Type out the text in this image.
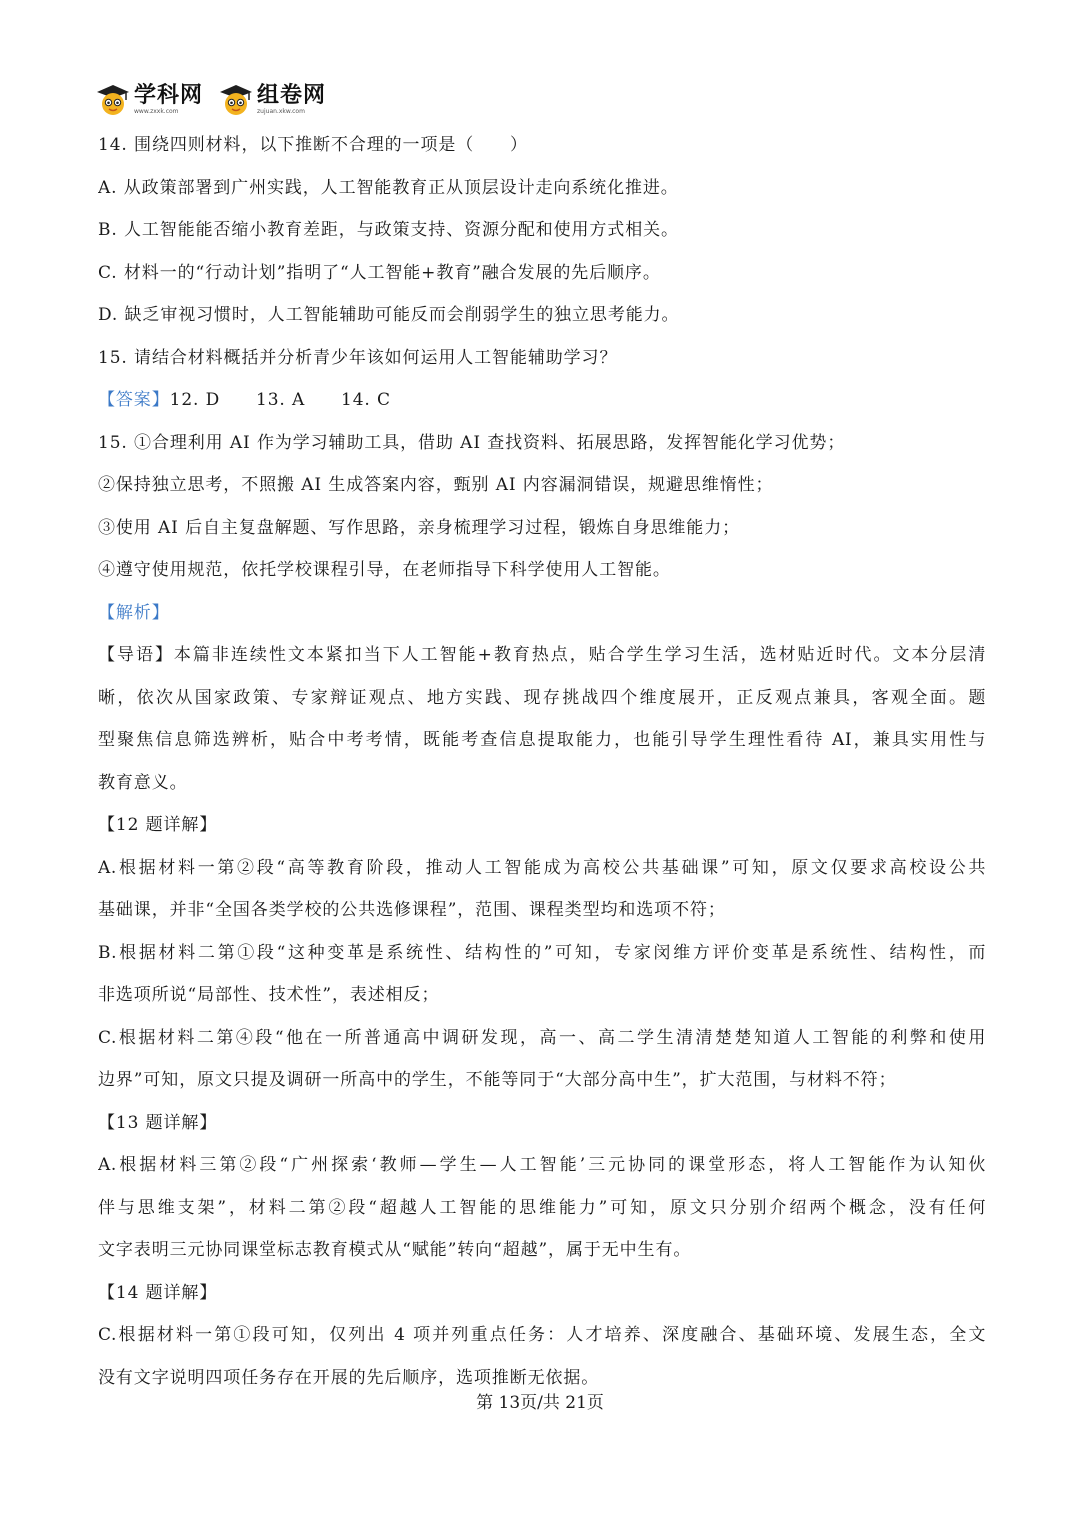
学科网
www.zxxk.com
组卷网
zujuan.xkw.com
14. 围绕四则材料，以下推断不合理 · · ·的一项是（　　）
A. 从政策部署到广州实践，人工智能教育正从顶层设计走向系统化推进。
B. 人工智能能否缩小教育差距，与政策支持、资源分配和使用方式相关。
C. 材料一的“行动计划”指明了“人工智能+教育”融合发展的先后顺序。
D. 缺乏审视习惯时，人工智能辅助可能反而会削弱学生的独立思考能力。
15. 请结合材料概括并分析青少年该如何运用人工智能辅助学习？
【答案】12. D　　13. A　　14. C
15. ①合理利用 AI 作为学习辅助工具，借助 AI 查找资料、拓展思路，发挥智能化学习优势；
②保持独立思考，不照搬 AI 生成答案内容，甄别 AI 内容漏洞错误，规避思维惰性；
③使用 AI 后自主复盘解题、写作思路，亲身梳理学习过程，锻炼自身思维能力；
④遵守使用规范，依托学校课程引导，在老师指导下科学使用人工智能。
【解析】
【导语】本篇非连续性文本紧扣当下人工智能+教育热点，贴合学生学习生活，选材贴近时代。文本分层清
晰，依次从国家政策、专家辩证观点、地方实践、现存挑战四个维度展开，正反观点兼具，客观全面。题
型聚焦信息筛选辨析，贴合中考考情，既能考查信息提取能力，也能引导学生理性看待 AI，兼具实用性与
教育意义。
【12 题详解】
A.根据材料一第②段“高等教育阶段，推动人工智能成为高校公共基础课”可知，原文仅要求高校设公共
基础课，并非“全国各类学校的公共选修课程”，范围、课程类型均和选项不符；
B.根据材料二第①段“这种变革是系统性、结构性的”可知，专家闵维方评价变革是系统性、结构性，而
非选项所说“局部性、技术性”，表述相反；
C.根据材料二第④段“他在一所普通高中调研发现，高一、高二学生清清楚楚知道人工智能的利弊和使用
边界”可知，原文只提及调研一所高中的学生，不能等同于“大部分高中生”，扩大范围，与材料不符；
【13 题详解】
A.根据材料三第②段“广州探索‘教师—学生—人工智能’三元协同的课堂形态，将人工智能作为认知伙
伴与思维支架”，材料二第②段“超越人工智能的思维能力”可知，原文只分别介绍两个概念，没有任何
文字表明三元协同课堂标志教育模式从“赋能”转向“超越”，属于无中生有。
【14 题详解】
C.根据材料一第①段可知，仅列出 4 项并列重点任务：人才培养、深度融合、基础环境、发展生态，全文
没有文字说明四项任务存在开展的先后顺序，选项推断无依据。
第 13页/共 21页
